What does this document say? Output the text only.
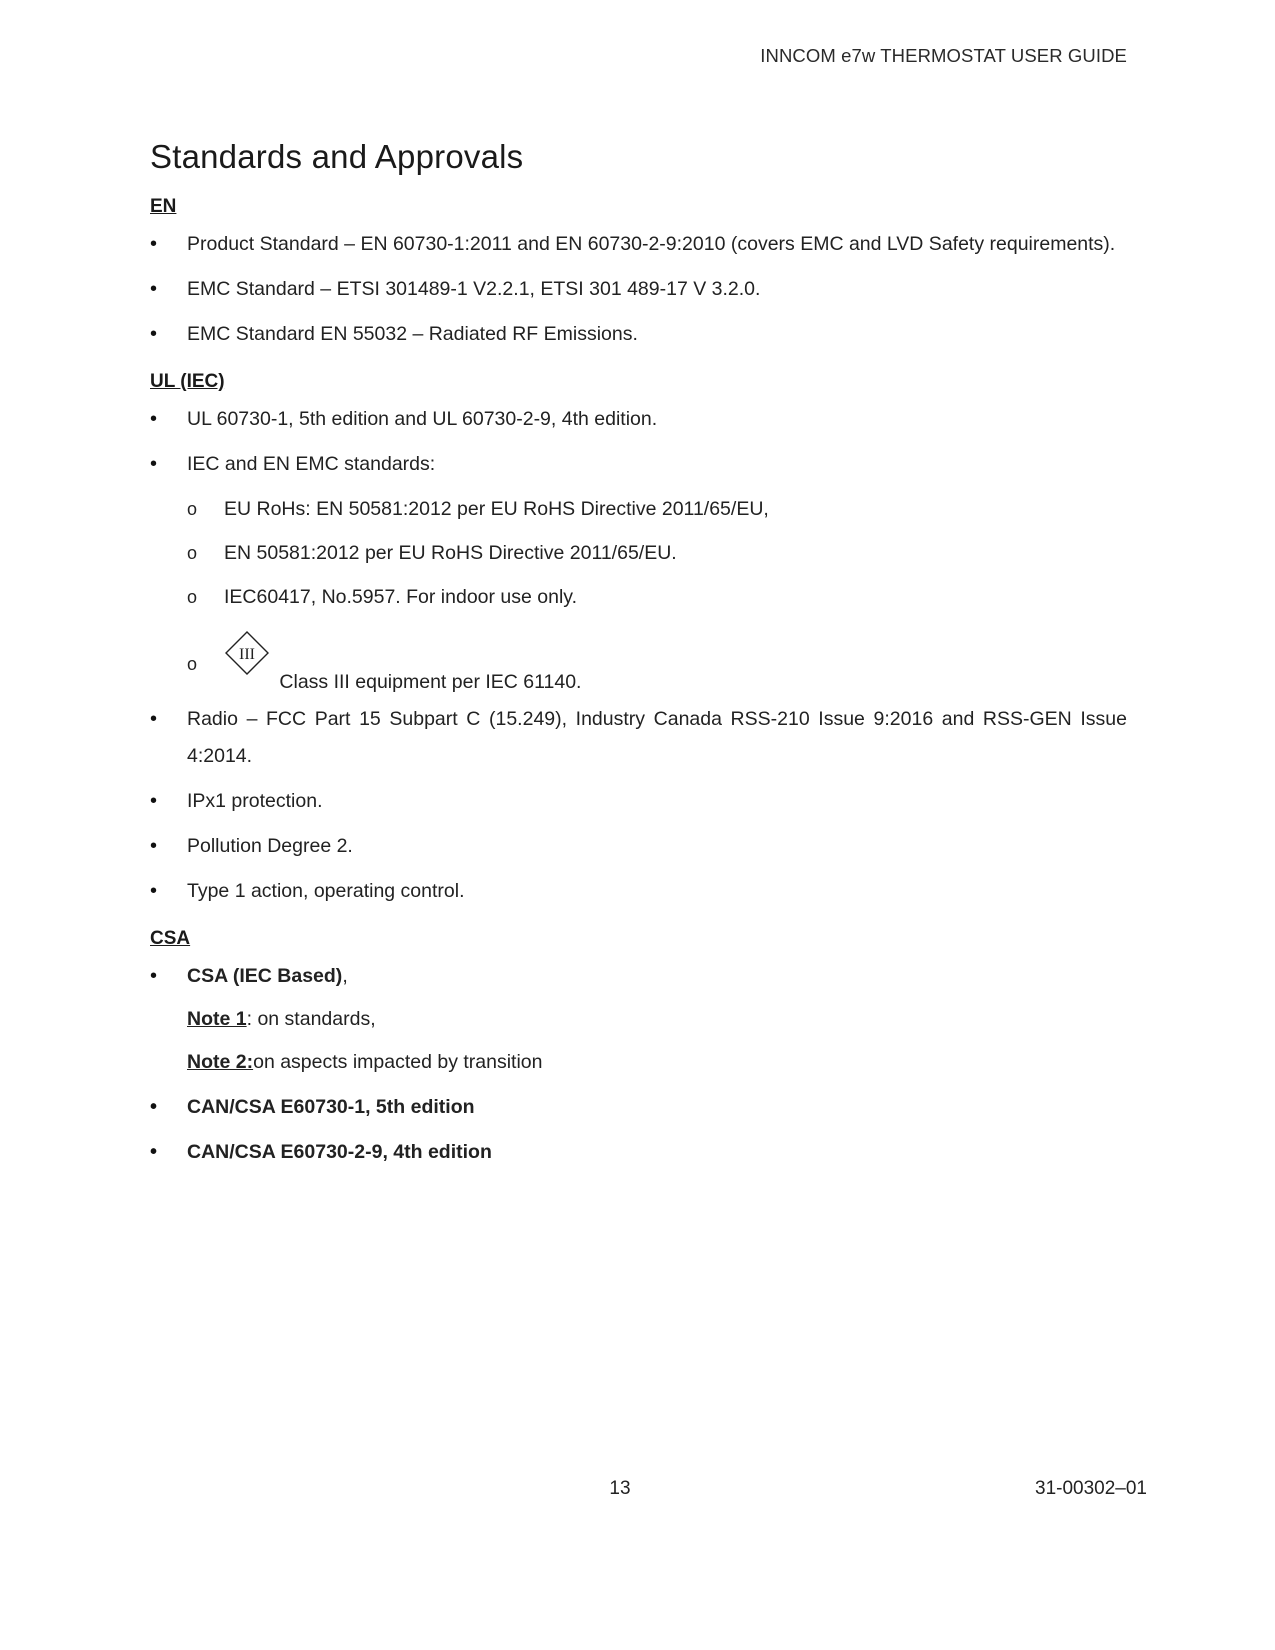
INNCOM e7w THERMOSTAT USER GUIDE
Standards and Approvals
EN
• Product Standard – EN 60730-1:2011 and EN 60730-2-9:2010 (covers EMC and LVD Safety requirements).
• EMC Standard – ETSI 301489-1 V2.2.1, ETSI 301 489-17 V 3.2.0.
• EMC Standard EN 55032 – Radiated RF Emissions.
UL (IEC)
• UL 60730-1, 5th edition and UL 60730-2-9, 4th edition.
• IEC and EN EMC standards:
o EU RoHs: EN 50581:2012 per EU RoHS Directive 2011/65/EU,
o EN 50581:2012 per EU RoHS Directive 2011/65/EU.
o IEC60417, No.5957. For indoor use only.
o	III
Class III equipment per IEC 61140.
• Radio – FCC Part 15 Subpart C (15.249), Industry Canada RSS-210 Issue 9:2016 and RSS-GEN Issue 4:2014.
• IPx1 protection.
• Pollution Degree 2.
• Type 1 action, operating control.
CSA
• CSA (IEC Based),
Note 1: on standards,
Note 2:on aspects impacted by transition
• CAN/CSA E60730-1, 5th edition
• CAN/CSA E60730-2-9, 4th edition
13	31-00302–01
